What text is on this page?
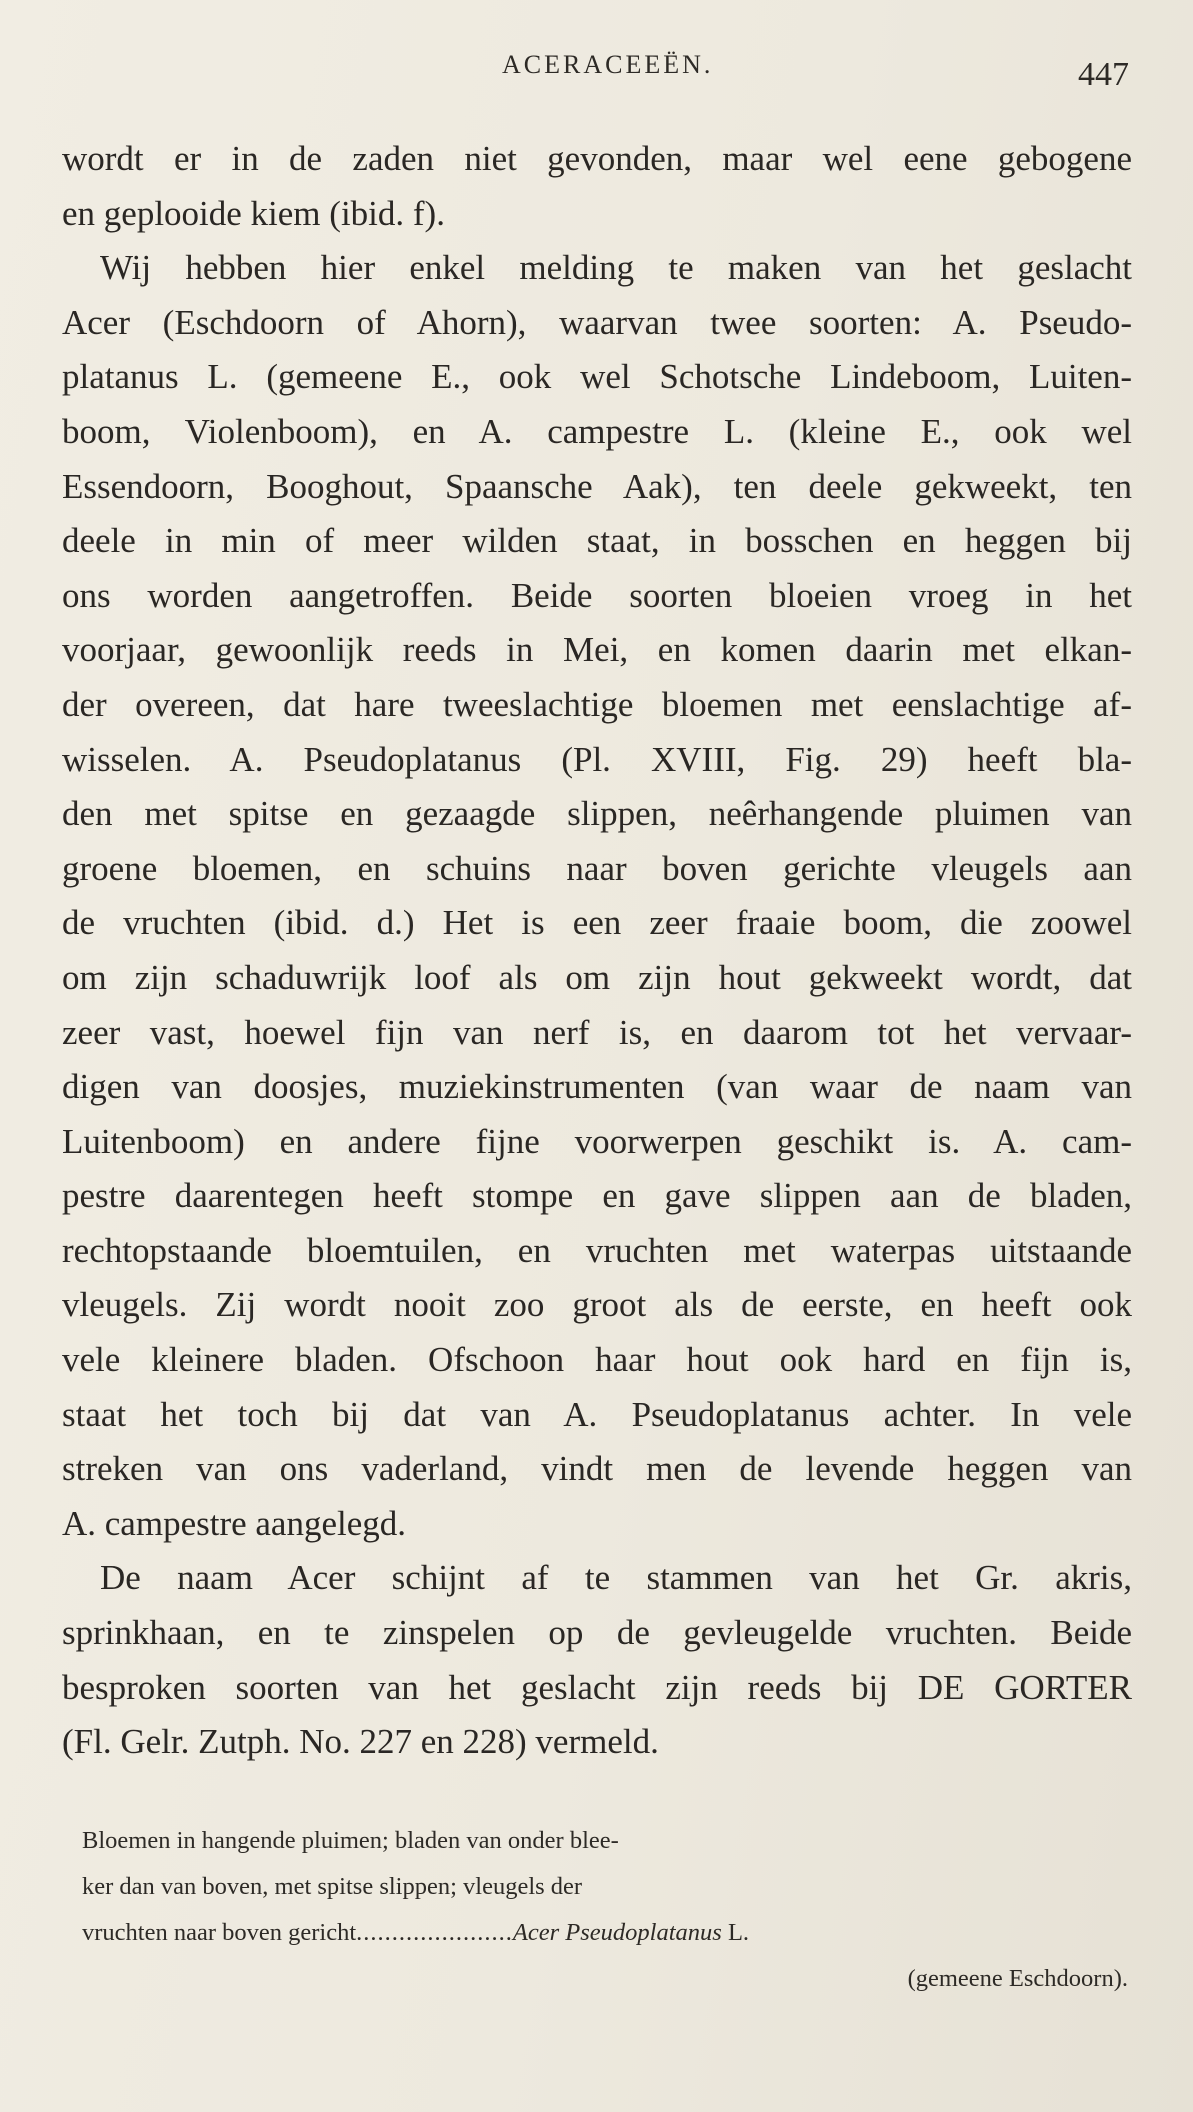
ACERACEEËN.	447
wordt er in de zaden niet gevonden, maar wel eene gebogene
en geplooide kiem (ibid. f).
Wij hebben hier enkel melding te maken van het geslacht
Acer (Eschdoorn of Ahorn), waarvan twee soorten: A. Pseudo-
platanus L. (gemeene E., ook wel Schotsche Lindeboom, Luiten-
boom, Violenboom), en A. campestre L. (kleine E., ook wel
Essendoorn, Booghout, Spaansche Aak), ten deele gekweekt, ten
deele in min of meer wilden staat, in bosschen en heggen bij
ons worden aangetroffen. Beide soorten bloeien vroeg in het
voorjaar, gewoonlijk reeds in Mei, en komen daarin met elkan-
der overeen, dat hare tweeslachtige bloemen met eenslachtige af-
wisselen. A. Pseudoplatanus (Pl. XVIII, Fig. 29) heeft bla-
den met spitse en gezaagde slippen, neêrhangende pluimen van
groene bloemen, en schuins naar boven gerichte vleugels aan
de vruchten (ibid. d.) Het is een zeer fraaie boom, die zoowel
om zijn schaduwrijk loof als om zijn hout gekweekt wordt, dat
zeer vast, hoewel fijn van nerf is, en daarom tot het vervaar-
digen van doosjes, muziekinstrumenten (van waar de naam van
Luitenboom) en andere fijne voorwerpen geschikt is. A. cam-
pestre daarentegen heeft stompe en gave slippen aan de bladen,
rechtopstaande bloemtuilen, en vruchten met waterpas uitstaande
vleugels. Zij wordt nooit zoo groot als de eerste, en heeft ook
vele kleinere bladen. Ofschoon haar hout ook hard en fijn is,
staat het toch bij dat van A. Pseudoplatanus achter. In vele
streken van ons vaderland, vindt men de levende heggen van
A. campestre aangelegd.
De naam Acer schijnt af te stammen van het Gr. akris,
sprinkhaan, en te zinspelen op de gevleugelde vruchten. Beide
besproken soorten van het geslacht zijn reeds bij DE GORTER
(Fl. Gelr. Zutph. No. 227 en 228) vermeld.
Bloemen in hangende pluimen; bladen van onder blee-
ker dan van boven, met spitse slippen; vleugels der
vruchten naar boven gericht......................Acer Pseudoplatanus L.
(gemeene Eschdoorn).
